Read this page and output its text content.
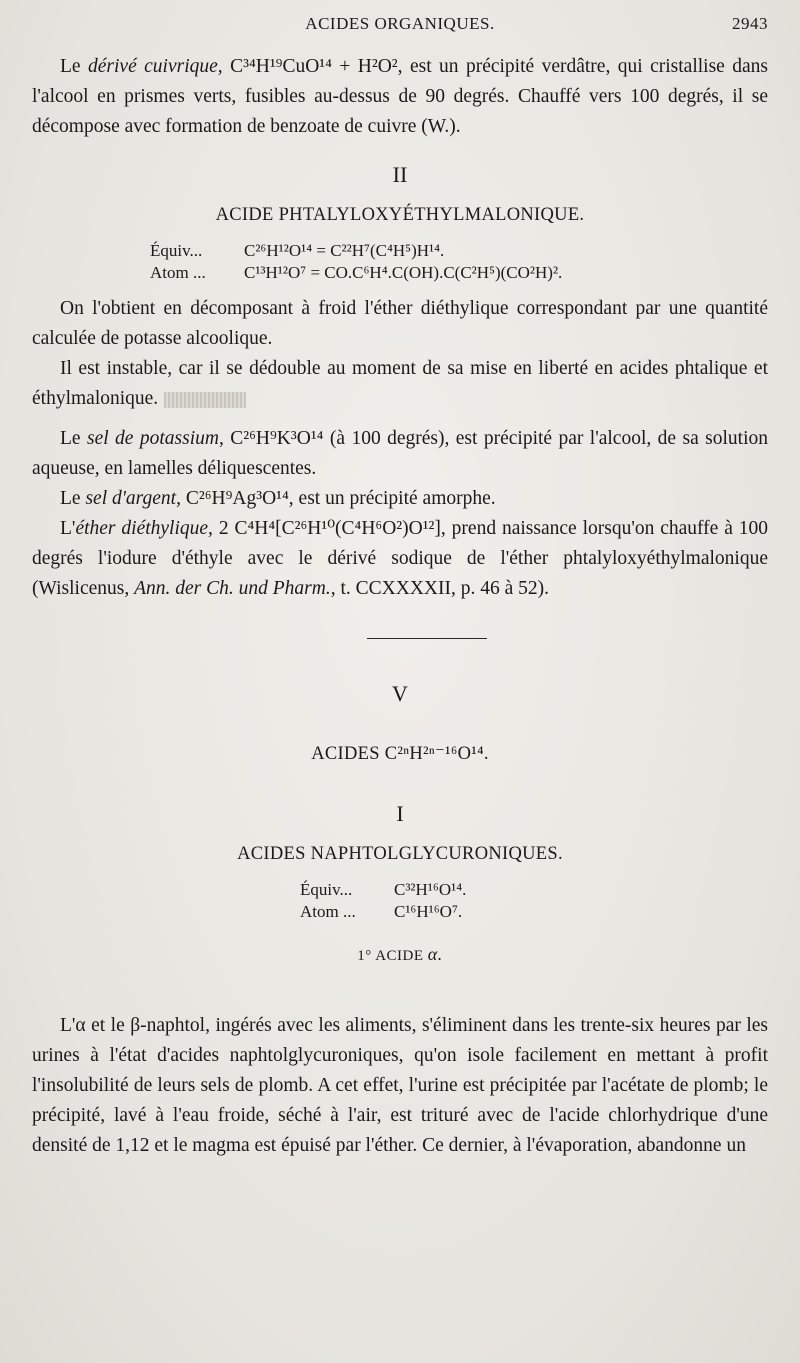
ACIDES ORGANIQUES.	2943

Le dérivé cuivrique, C³⁴H¹⁹CuO¹⁴ + H²O², est un précipité verdâtre, qui cristallise dans l'alcool en prismes verts, fusibles au-dessus de 90 degrés. Chauffé vers 100 degrés, il se décompose avec formation de benzoate de cuivre (W.).

II
ACIDE PHTALYLOXYÉTHYLMALONIQUE.
Équiv... C²⁶H¹²O¹⁴ = C²²H⁷(C⁴H⁵)H¹⁴.
Atom ... C¹³H¹²O⁷ = CO.C⁶H⁴.C(OH).C(C²H⁵)(CO²H)².

On l'obtient en décomposant à froid l'éther diéthylique correspondant par une quantité calculée de potasse alcoolique.

Il est instable, car il se dédouble au moment de sa mise en liberté en acides phtalique et éthylmalonique.

Le sel de potassium, C²⁶H⁹K³O¹⁴ (à 100 degrés), est précipité par l'alcool, de sa solution aqueuse, en lamelles déliquescentes.

Le sel d'argent, C²⁶H⁹Ag³O¹⁴, est un précipité amorphe.

L'éther diéthylique, 2 C⁴H⁴[C²⁶H¹⁰(C⁴H⁶O²)O¹²], prend naissance lorsqu'on chauffe à 100 degrés l'iodure d'éthyle avec le dérivé sodique de l'éther phtalyloxyéthylmalonique (Wislicenus, Ann. der Ch. und Pharm., t. CCXXXXII, p. 46 à 52).

V
ACIDES C²ⁿH²ⁿ⁻¹⁶O¹⁴.
I
ACIDES NAPHTOLGLYCURONIQUES.
Équiv... C³²H¹⁶O¹⁴.
Atom ... C¹⁶H¹⁶O⁷.
1° ACIDE α.

L'α et le β-naphtol, ingérés avec les aliments, s'éliminent dans les trente-six heures par les urines à l'état d'acides naphtolglycuroniques, qu'on isole facilement en mettant à profit l'insolubilité de leurs sels de plomb. A cet effet, l'urine est précipitée par l'acétate de plomb; le précipité, lavé à l'eau froide, séché à l'air, est trituré avec de l'acide chlorhydrique d'une densité de 1,12 et le magma est épuisé par l'éther. Ce dernier, à l'évaporation, abandonne un
